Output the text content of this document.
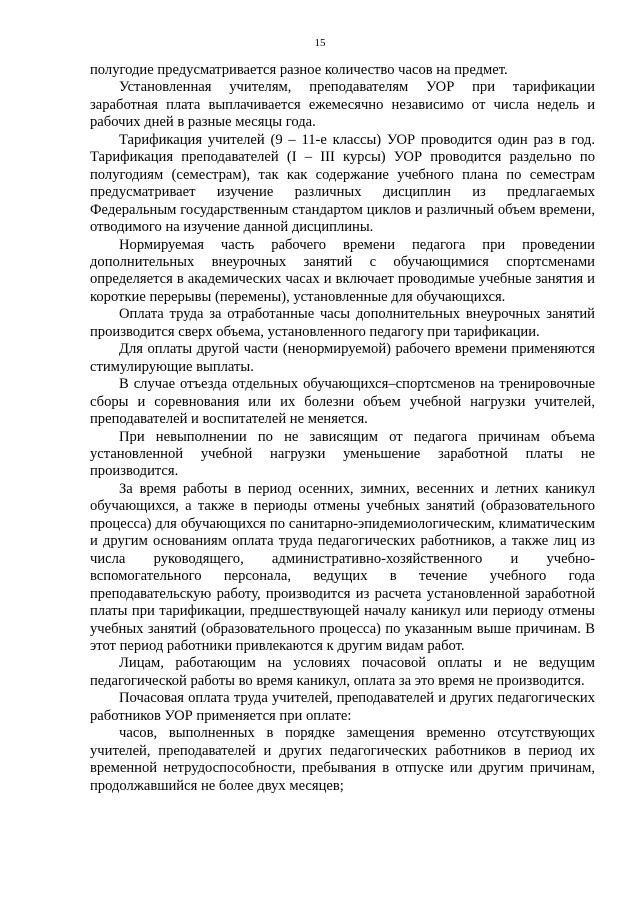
15

полугодие предусматривается разное количество часов на предмет.

Установленная учителям, преподавателям УОР при тарификации заработная плата выплачивается ежемесячно независимо от числа недель и рабочих дней в разные месяцы года.

Тарификация учителей (9 – 11-е классы) УОР проводится один раз в год. Тарификация преподавателей (I – III курсы) УОР проводится раздельно по полугодиям (семестрам), так как содержание учебного плана по семестрам предусматривает изучение различных дисциплин из предлагаемых Федеральным государственным стандартом циклов и различный объем времени, отводимого на изучение данной дисциплины.

Нормируемая часть рабочего времени педагога при проведении дополнительных внеурочных занятий с обучающимися спортсменами определяется в академических часах и включает проводимые учебные занятия и короткие перерывы (перемены), установленные для обучающихся.

Оплата труда за отработанные часы дополнительных внеурочных занятий производится сверх объема, установленного педагогу при тарификации.

Для оплаты другой части (ненормируемой) рабочего времени применяются стимулирующие выплаты.

В случае отъезда отдельных обучающихся–спортсменов на тренировочные сборы и соревнования или их болезни объем учебной нагрузки учителей, преподавателей и воспитателей не меняется.

При невыполнении по не зависящим от педагога причинам объема установленной учебной нагрузки уменьшение заработной платы не производится.

За время работы в период осенних, зимних, весенних и летних каникул обучающихся, а также в периоды отмены учебных занятий (образовательного процесса) для обучающихся по санитарно-эпидемиологическим, климатическим и другим основаниям оплата труда педагогических работников, а также лиц из числа руководящего, административно-хозяйственного и учебно-вспомогательного персонала, ведущих в течение учебного года преподавательскую работу, производится из расчета установленной заработной платы при тарификации, предшествующей началу каникул или периоду отмены учебных занятий (образовательного процесса) по указанным выше причинам. В этот период работники привлекаются к другим видам работ.

Лицам, работающим на условиях почасовой оплаты и не ведущим педагогической работы во время каникул, оплата за это время не производится.

Почасовая оплата труда учителей, преподавателей и других педагогических работников УОР применяется при оплате:

часов, выполненных в порядке замещения временно отсутствующих учителей, преподавателей и других педагогических работников в период их временной нетрудоспособности, пребывания в отпуске или другим причинам, продолжавшийся не более двух месяцев;
